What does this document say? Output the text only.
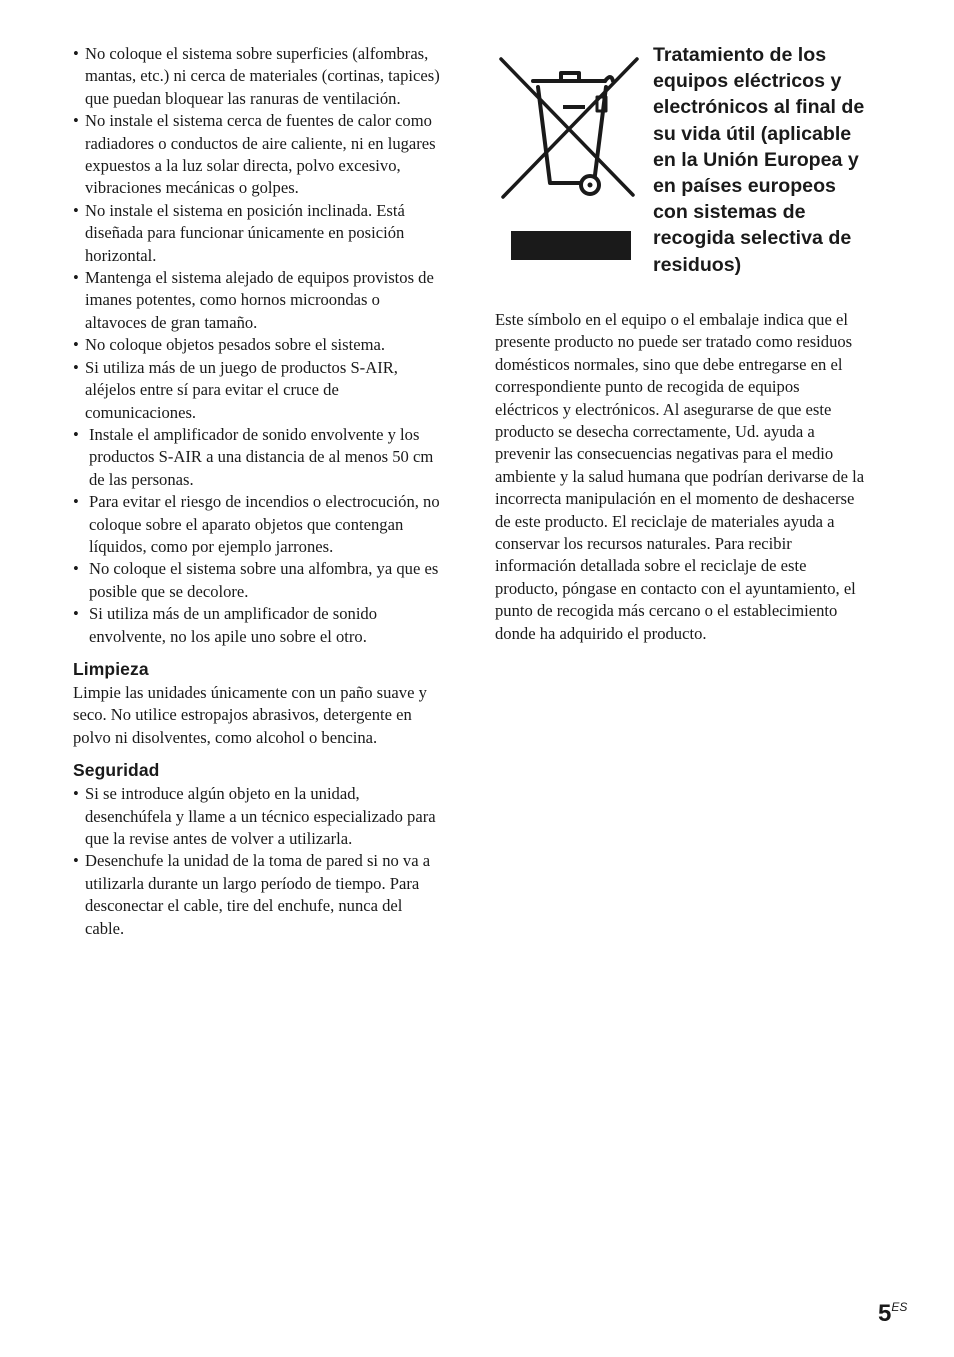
• No coloque el sistema sobre superficies (alfombras, mantas, etc.) ni cerca de materiales (cortinas, tapices) que puedan bloquear las ranuras de ventilación.
• No instale el sistema cerca de fuentes de calor como radiadores o conductos de aire caliente, ni en lugares expuestos a la luz solar directa, polvo excesivo, vibraciones mecánicas o golpes.
• No instale el sistema en posición inclinada. Está diseñada para funcionar únicamente en posición horizontal.
• Mantenga el sistema alejado de equipos provistos de imanes potentes, como hornos microondas o altavoces de gran tamaño.
• No coloque objetos pesados sobre el sistema.
• Si utiliza más de un juego de productos S-AIR, aléjelos entre sí para evitar el cruce de comunicaciones.
• Instale el amplificador de sonido envolvente y los productos S-AIR a una distancia de al menos 50 cm de las personas.
• Para evitar el riesgo de incendios o electrocución, no coloque sobre el aparato objetos que contengan líquidos, como por ejemplo jarrones.
• No coloque el sistema sobre una alfombra, ya que es posible que se decolore.
• Si utiliza más de un amplificador de sonido envolvente, no los apile uno sobre el otro.
Limpieza

Limpie las unidades únicamente con un paño suave y seco. No utilice estropajos abrasivos, detergente en polvo ni disolventes, como alcohol o bencina.

Seguridad
• Si se introduce algún objeto en la unidad, desenchúfela y llame a un técnico especializado para que la revise antes de volver a utilizarla.
• Desenchufe la unidad de la toma de pared si no va a utilizarla durante un largo período de tiempo. Para desconectar el cable, tire del enchufe, nunca del cable.
Tratamiento de los equipos eléctricos y electrónicos al final de su vida útil (aplicable en la Unión Europea y en países europeos con sistemas de recogida selectiva de residuos)

Este símbolo en el equipo o el embalaje indica que el presente producto no puede ser tratado como residuos domésticos normales, sino que debe entregarse en el correspondiente punto de recogida de equipos eléctricos y electrónicos. Al asegurarse de que este producto se desecha correctamente, Ud. ayuda a prevenir las consecuencias negativas para el medio ambiente y la salud humana que podrían derivarse de la incorrecta manipulación en el momento de deshacerse de este producto. El reciclaje de materiales ayuda a conservar los recursos naturales. Para recibir información detallada sobre el reciclaje de este producto, póngase en contacto con el ayuntamiento, el punto de recogida más cercano o el establecimiento donde ha adquirido el producto.

$5^{ES}$
